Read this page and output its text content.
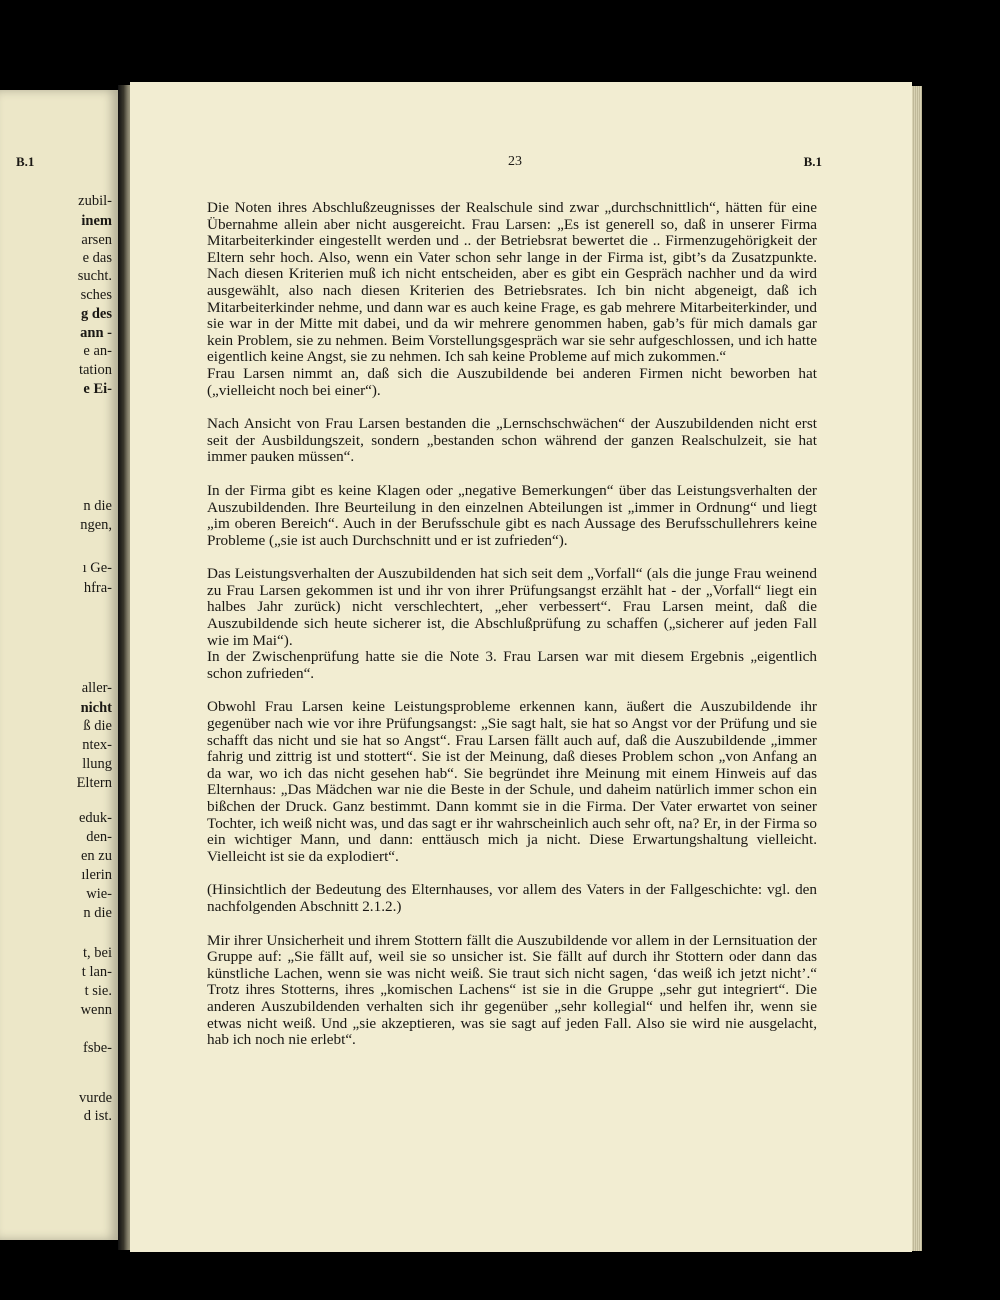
B.1
zubil-
inem
arsen
e das
sucht.
sches
g des
ann -
e an-
tation
e Ei-
n die
ngen,
ı Ge-
hfra-
aller-
nicht
ß die
ntex-
llung
Eltern
eduk-
den-
en zu
ılerin
wie-
n die
t, bei
t lan-
t sie.
wenn
fsbe-
vurde
d ist.
23	B.1

Die Noten ihres Abschlußzeugnisses der Realschule sind zwar „durchschnittlich“, hätten für eine Übernahme allein aber nicht ausgereicht. Frau Larsen: „Es ist generell so, daß in unserer Firma Mitarbeiterkinder eingestellt werden und .. der Betriebsrat bewertet die .. Firmenzugehörigkeit der Eltern sehr hoch. Also, wenn ein Vater schon sehr lange in der Firma ist, gibt’s da Zusatzpunkte. Nach diesen Kriterien muß ich nicht entscheiden, aber es gibt ein Gespräch nachher und da wird ausgewählt, also nach diesen Kriterien des Betriebsrates. Ich bin nicht abgeneigt, daß ich Mitarbeiterkinder nehme, und dann war es auch keine Frage, es gab mehrere Mitarbeiterkinder, und sie war in der Mitte mit dabei, und da wir mehrere genommen haben, gab’s für mich damals gar kein Problem, sie zu nehmen. Beim Vorstellungsgespräch war sie sehr aufgeschlossen, und ich hatte eigentlich keine Angst, sie zu nehmen. Ich sah keine Probleme auf mich zukommen.“

Frau Larsen nimmt an, daß sich die Auszubildende bei anderen Firmen nicht beworben hat („vielleicht noch bei einer“).

Nach Ansicht von Frau Larsen bestanden die „Lernschschwächen“ der Auszubildenden nicht erst seit der Ausbildungszeit, sondern „bestanden schon während der ganzen Realschulzeit, sie hat immer pauken müssen“.

In der Firma gibt es keine Klagen oder „negative Bemerkungen“ über das Leistungsverhalten der Auszubildenden. Ihre Beurteilung in den einzelnen Abteilungen ist „immer in Ordnung“ und liegt „im oberen Bereich“. Auch in der Berufsschule gibt es nach Aussage des Berufsschullehrers keine Probleme („sie ist auch Durchschnitt und er ist zufrieden“).

Das Leistungsverhalten der Auszubildenden hat sich seit dem „Vorfall“ (als die junge Frau weinend zu Frau Larsen gekommen ist und ihr von ihrer Prüfungsangst erzählt hat - der „Vorfall“ liegt ein halbes Jahr zurück) nicht verschlechtert, „eher verbessert“. Frau Larsen meint, daß die Auszubildende sich heute sicherer ist, die Abschlußprüfung zu schaffen („sicherer auf jeden Fall wie im Mai“).

In der Zwischenprüfung hatte sie die Note 3. Frau Larsen war mit diesem Ergebnis „eigentlich schon zufrieden“.

Obwohl Frau Larsen keine Leistungsprobleme erkennen kann, äußert die Auszubildende ihr gegenüber nach wie vor ihre Prüfungsangst: „Sie sagt halt, sie hat so Angst vor der Prüfung und sie schafft das nicht und sie hat so Angst“. Frau Larsen fällt auch auf, daß die Auszubildende „immer fahrig und zittrig ist und stottert“. Sie ist der Meinung, daß dieses Problem schon „von Anfang an da war, wo ich das nicht gesehen hab“. Sie begründet ihre Meinung mit einem Hinweis auf das Elternhaus: „Das Mädchen war nie die Beste in der Schule, und daheim natürlich immer schon ein bißchen der Druck. Ganz bestimmt. Dann kommt sie in die Firma. Der Vater erwartet von seiner Tochter, ich weiß nicht was, und das sagt er ihr wahrscheinlich auch sehr oft, na? Er, in der Firma so ein wichtiger Mann, und dann: enttäusch mich ja nicht. Diese Erwartungshaltung vielleicht. Vielleicht ist sie da explodiert“.

(Hinsichtlich der Bedeutung des Elternhauses, vor allem des Vaters in der Fallgeschichte: vgl. den nachfolgenden Abschnitt 2.1.2.)

Mir ihrer Unsicherheit und ihrem Stottern fällt die Auszubildende vor allem in der Lernsituation der Gruppe auf: „Sie fällt auf, weil sie so unsicher ist. Sie fällt auf durch ihr Stottern oder dann das künstliche Lachen, wenn sie was nicht weiß. Sie traut sich nicht sagen, ‘das weiß ich jetzt nicht’.“ Trotz ihres Stotterns, ihres „komischen Lachens“ ist sie in die Gruppe „sehr gut integriert“. Die anderen Auszubildenden verhalten sich ihr gegenüber „sehr kollegial“ und helfen ihr, wenn sie etwas nicht weiß. Und „sie akzeptieren, was sie sagt auf jeden Fall. Also sie wird nie ausgelacht, hab ich noch nie erlebt“.
